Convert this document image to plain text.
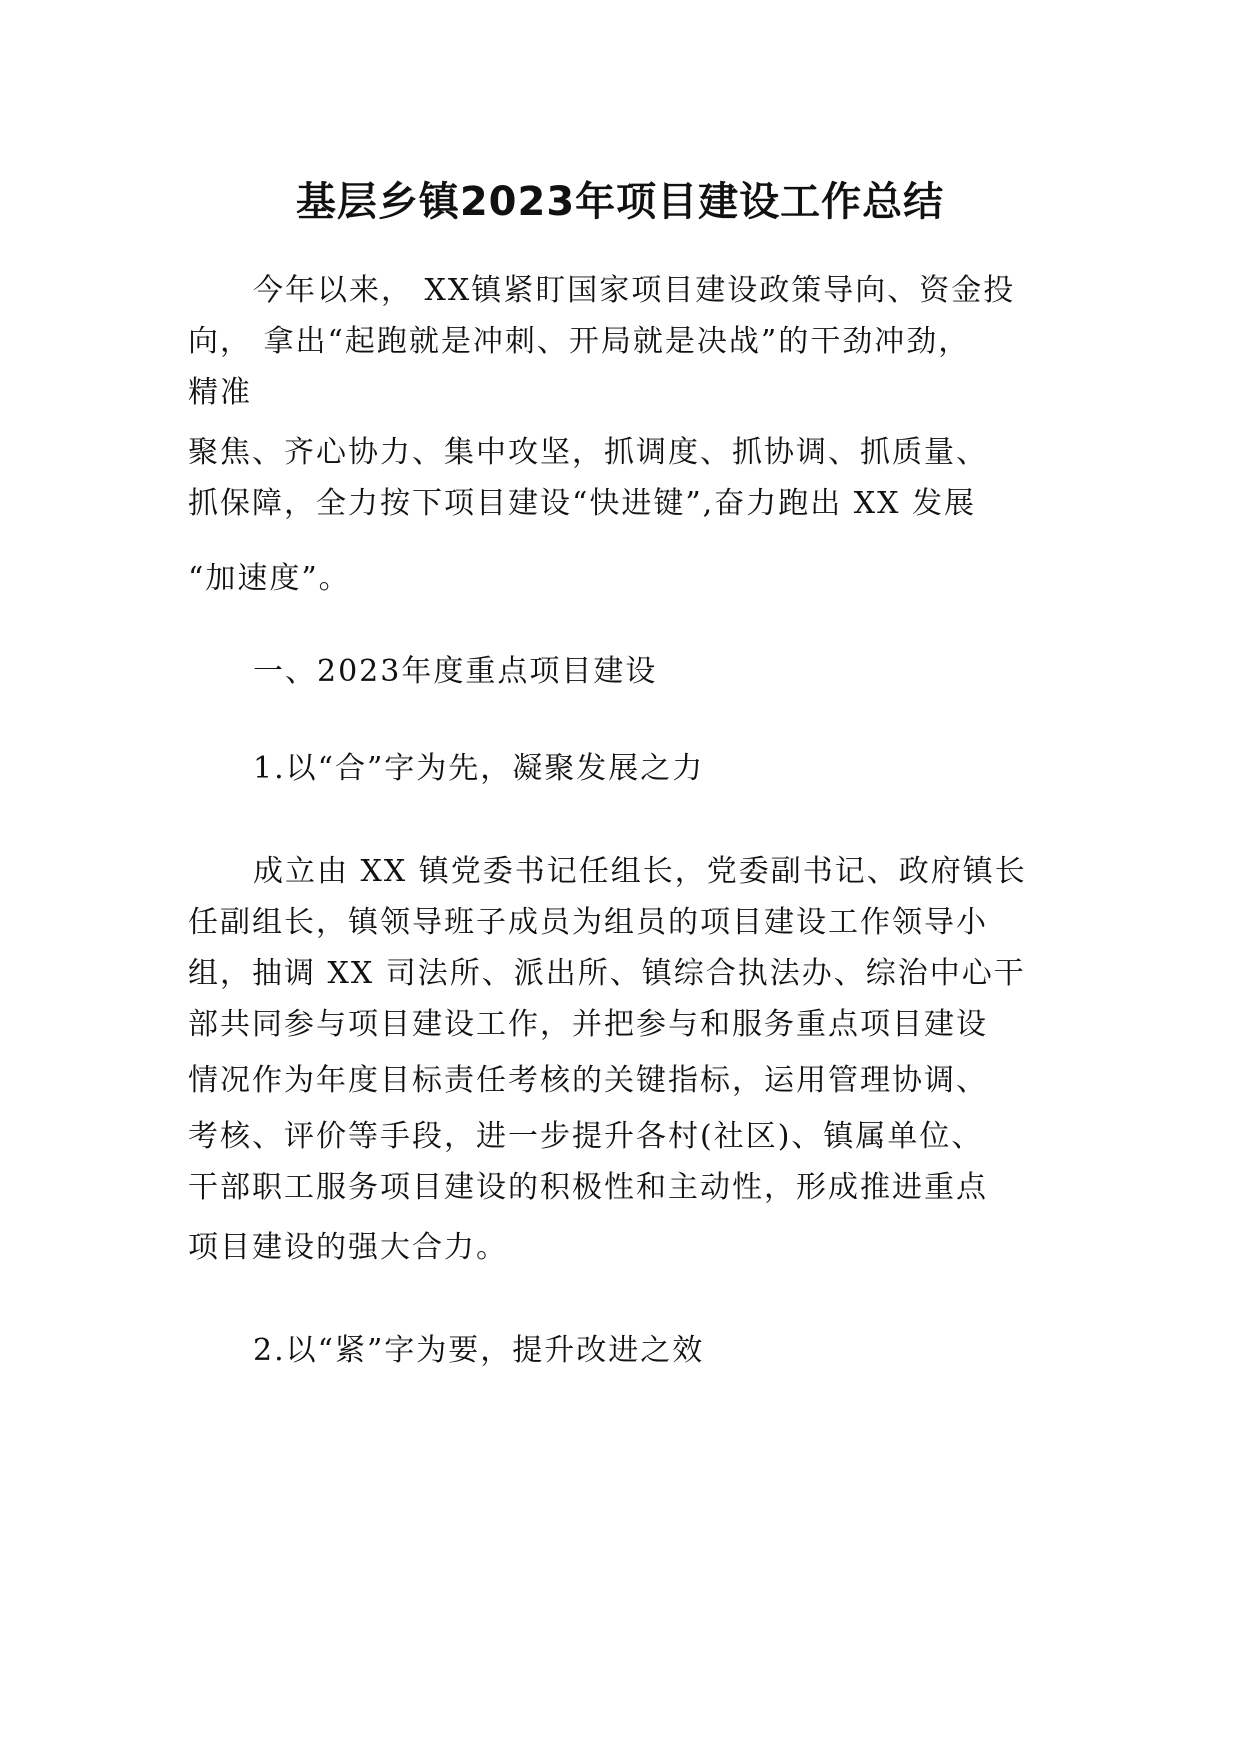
基层乡镇2023年项目建设工作总结
今年以来， XX镇紧盯国家项目建设政策导向、资金投
向， 拿出“起跑就是冲刺、开局就是决战”的干劲冲劲，
精准
聚焦、齐心协力、集中攻坚，抓调度、抓协调、抓质量、
抓保障，全力按下项目建设“快进键”,奋力跑出 XX 发展
“加速度”。
一、2023年度重点项目建设
1.以“合”字为先，凝聚发展之力
成立由 XX 镇党委书记任组长，党委副书记、政府镇长
任副组长，镇领导班子成员为组员的项目建设工作领导小
组，抽调 XX 司法所、派出所、镇综合执法办、综治中心干
部共同参与项目建设工作，并把参与和服务重点项目建设
情况作为年度目标责任考核的关键指标，运用管理协调、
考核、评价等手段，进一步提升各村(社区)、镇属单位、
干部职工服务项目建设的积极性和主动性，形成推进重点
项目建设的强大合力。
2.以“紧”字为要，提升改进之效
